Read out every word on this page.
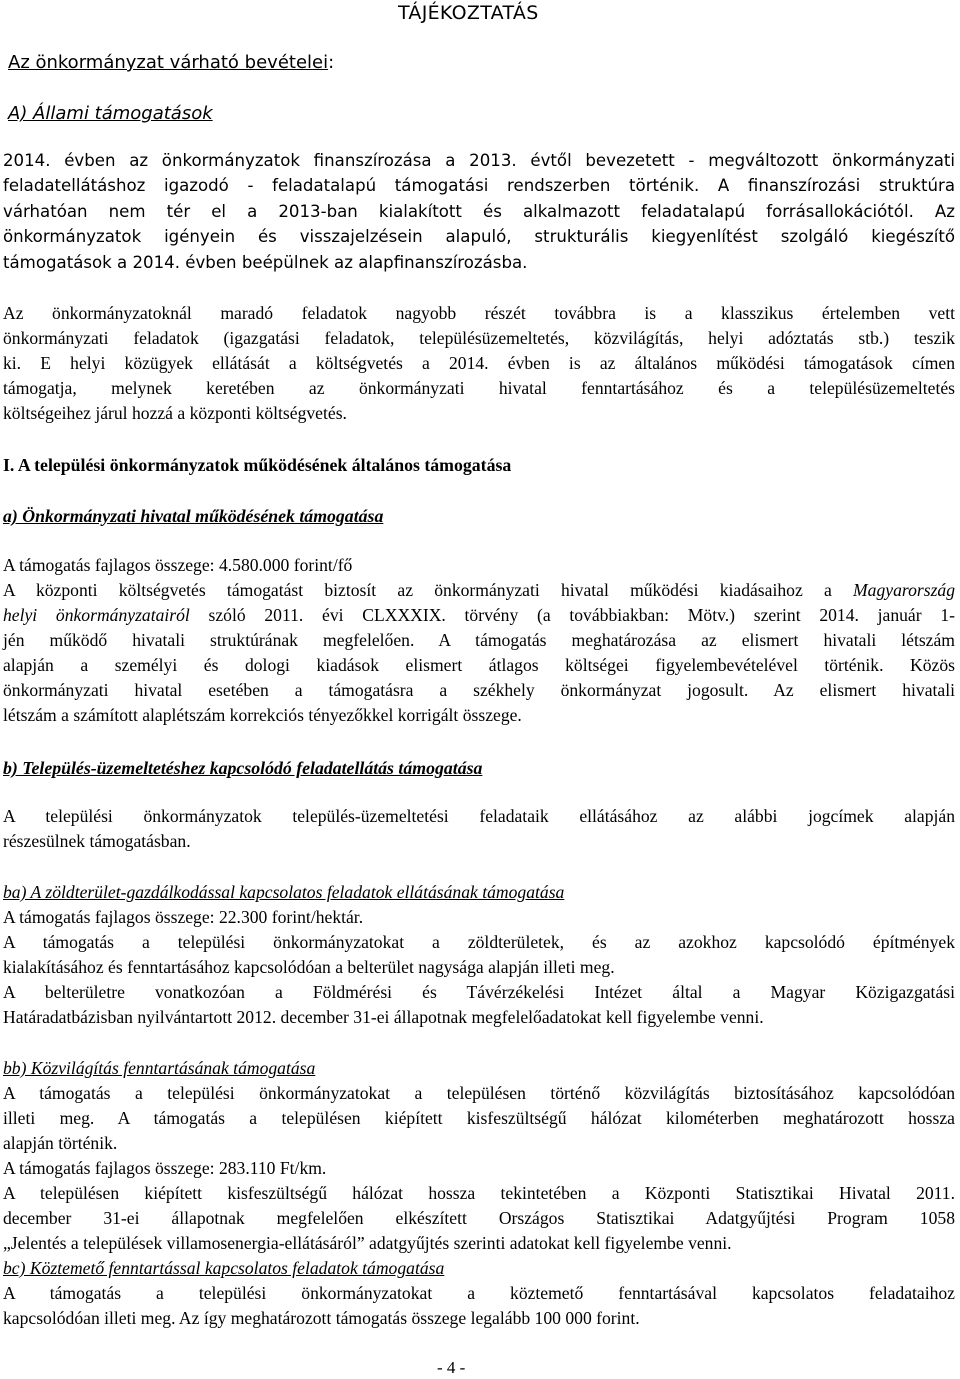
TÁJÉKOZTATÁS
Az önkormányzat várható bevételei:
A) Állami támogatások
2014. évben az önkormányzatok finanszírozása a 2013. évtől bevezetett - megváltozott önkormányzati
feladatellátáshoz igazodó - feladatalapú támogatási rendszerben történik. A finanszírozási struktúra
várhatóan nem tér el a 2013-ban kialakított és alkalmazott feladatalapú forrásallokációtól. Az
önkormányzatok igényein és visszajelzésein alapuló, strukturális kiegyenlítést szolgáló kiegészítő
támogatások a 2014. évben beépülnek az alapfinanszírozásba.
Az önkormányzatoknál maradó feladatok nagyobb részét továbbra is a klasszikus értelemben vett
önkormányzati feladatok (igazgatási feladatok, településüzemeltetés, közvilágítás, helyi adóztatás stb.) teszik
ki. E helyi közügyek ellátását a költségvetés a 2014. évben is az általános működési támogatások címen
támogatja, melynek keretében az önkormányzati hivatal fenntartásához és a településüzemeltetés
költségeihez járul hozzá a központi költségvetés.
I. A települési önkormányzatok működésének általános támogatása
a) Önkormányzati hivatal működésének támogatása
A támogatás fajlagos összege: 4.580.000 forint/fő
A központi költségvetés támogatást biztosít az önkormányzati hivatal működési kiadásaihoz a Magyarország
helyi önkormányzatairól szóló 2011. évi CLXXXIX. törvény (a továbbiakban: Mötv.) szerint 2014. január 1-
jén működő hivatali struktúrának megfelelően. A támogatás meghatározása az elismert hivatali létszám
alapján a személyi és dologi kiadások elismert átlagos költségei figyelembevételével történik. Közös
önkormányzati hivatal esetében a támogatásra a székhely önkormányzat jogosult. Az elismert hivatali
létszám a számított alaplétszám korrekciós tényezőkkel korrigált összege.
b) Település-üzemeltetéshez kapcsolódó feladatellátás támogatása
A települési önkormányzatok település-üzemeltetési feladataik ellátásához az alábbi jogcímek alapján
részesülnek támogatásban.
ba) A zöldterület-gazdálkodással kapcsolatos feladatok ellátásának támogatása
A támogatás fajlagos összege: 22.300 forint/hektár.
A támogatás a települési önkormányzatokat a zöldterületek, és az azokhoz kapcsolódó építmények
kialakításához és fenntartásához kapcsolódóan a belterület nagysága alapján illeti meg.
A belterületre vonatkozóan a Földmérési és Távérzékelési Intézet által a Magyar Közigazgatási
Határadatbázisban nyilvántartott 2012. december 31-ei állapotnak megfelelőadatokat kell figyelembe venni.
bb) Közvilágítás fenntartásának támogatása
A támogatás a települési önkormányzatokat a településen történő közvilágítás biztosításához kapcsolódóan
illeti meg. A támogatás a településen kiépített kisfeszültségű hálózat kilométerben meghatározott hossza
alapján történik.
A támogatás fajlagos összege: 283.110 Ft/km.
A településen kiépített kisfeszültségű hálózat hossza tekintetében a Központi Statisztikai Hivatal 2011.
december 31-ei állapotnak megfelelően elkészített Országos Statisztikai Adatgyűjtési Program 1058
„Jelentés a települések villamosenergia-ellátásáról” adatgyűjtés szerinti adatokat kell figyelembe venni.
bc) Köztemető fenntartással kapcsolatos feladatok támogatása
A támogatás a települési önkormányzatokat a köztemető fenntartásával kapcsolatos feladataihoz
kapcsolódóan illeti meg. Az így meghatározott támogatás összege legalább 100 000 forint.
- 4 -
